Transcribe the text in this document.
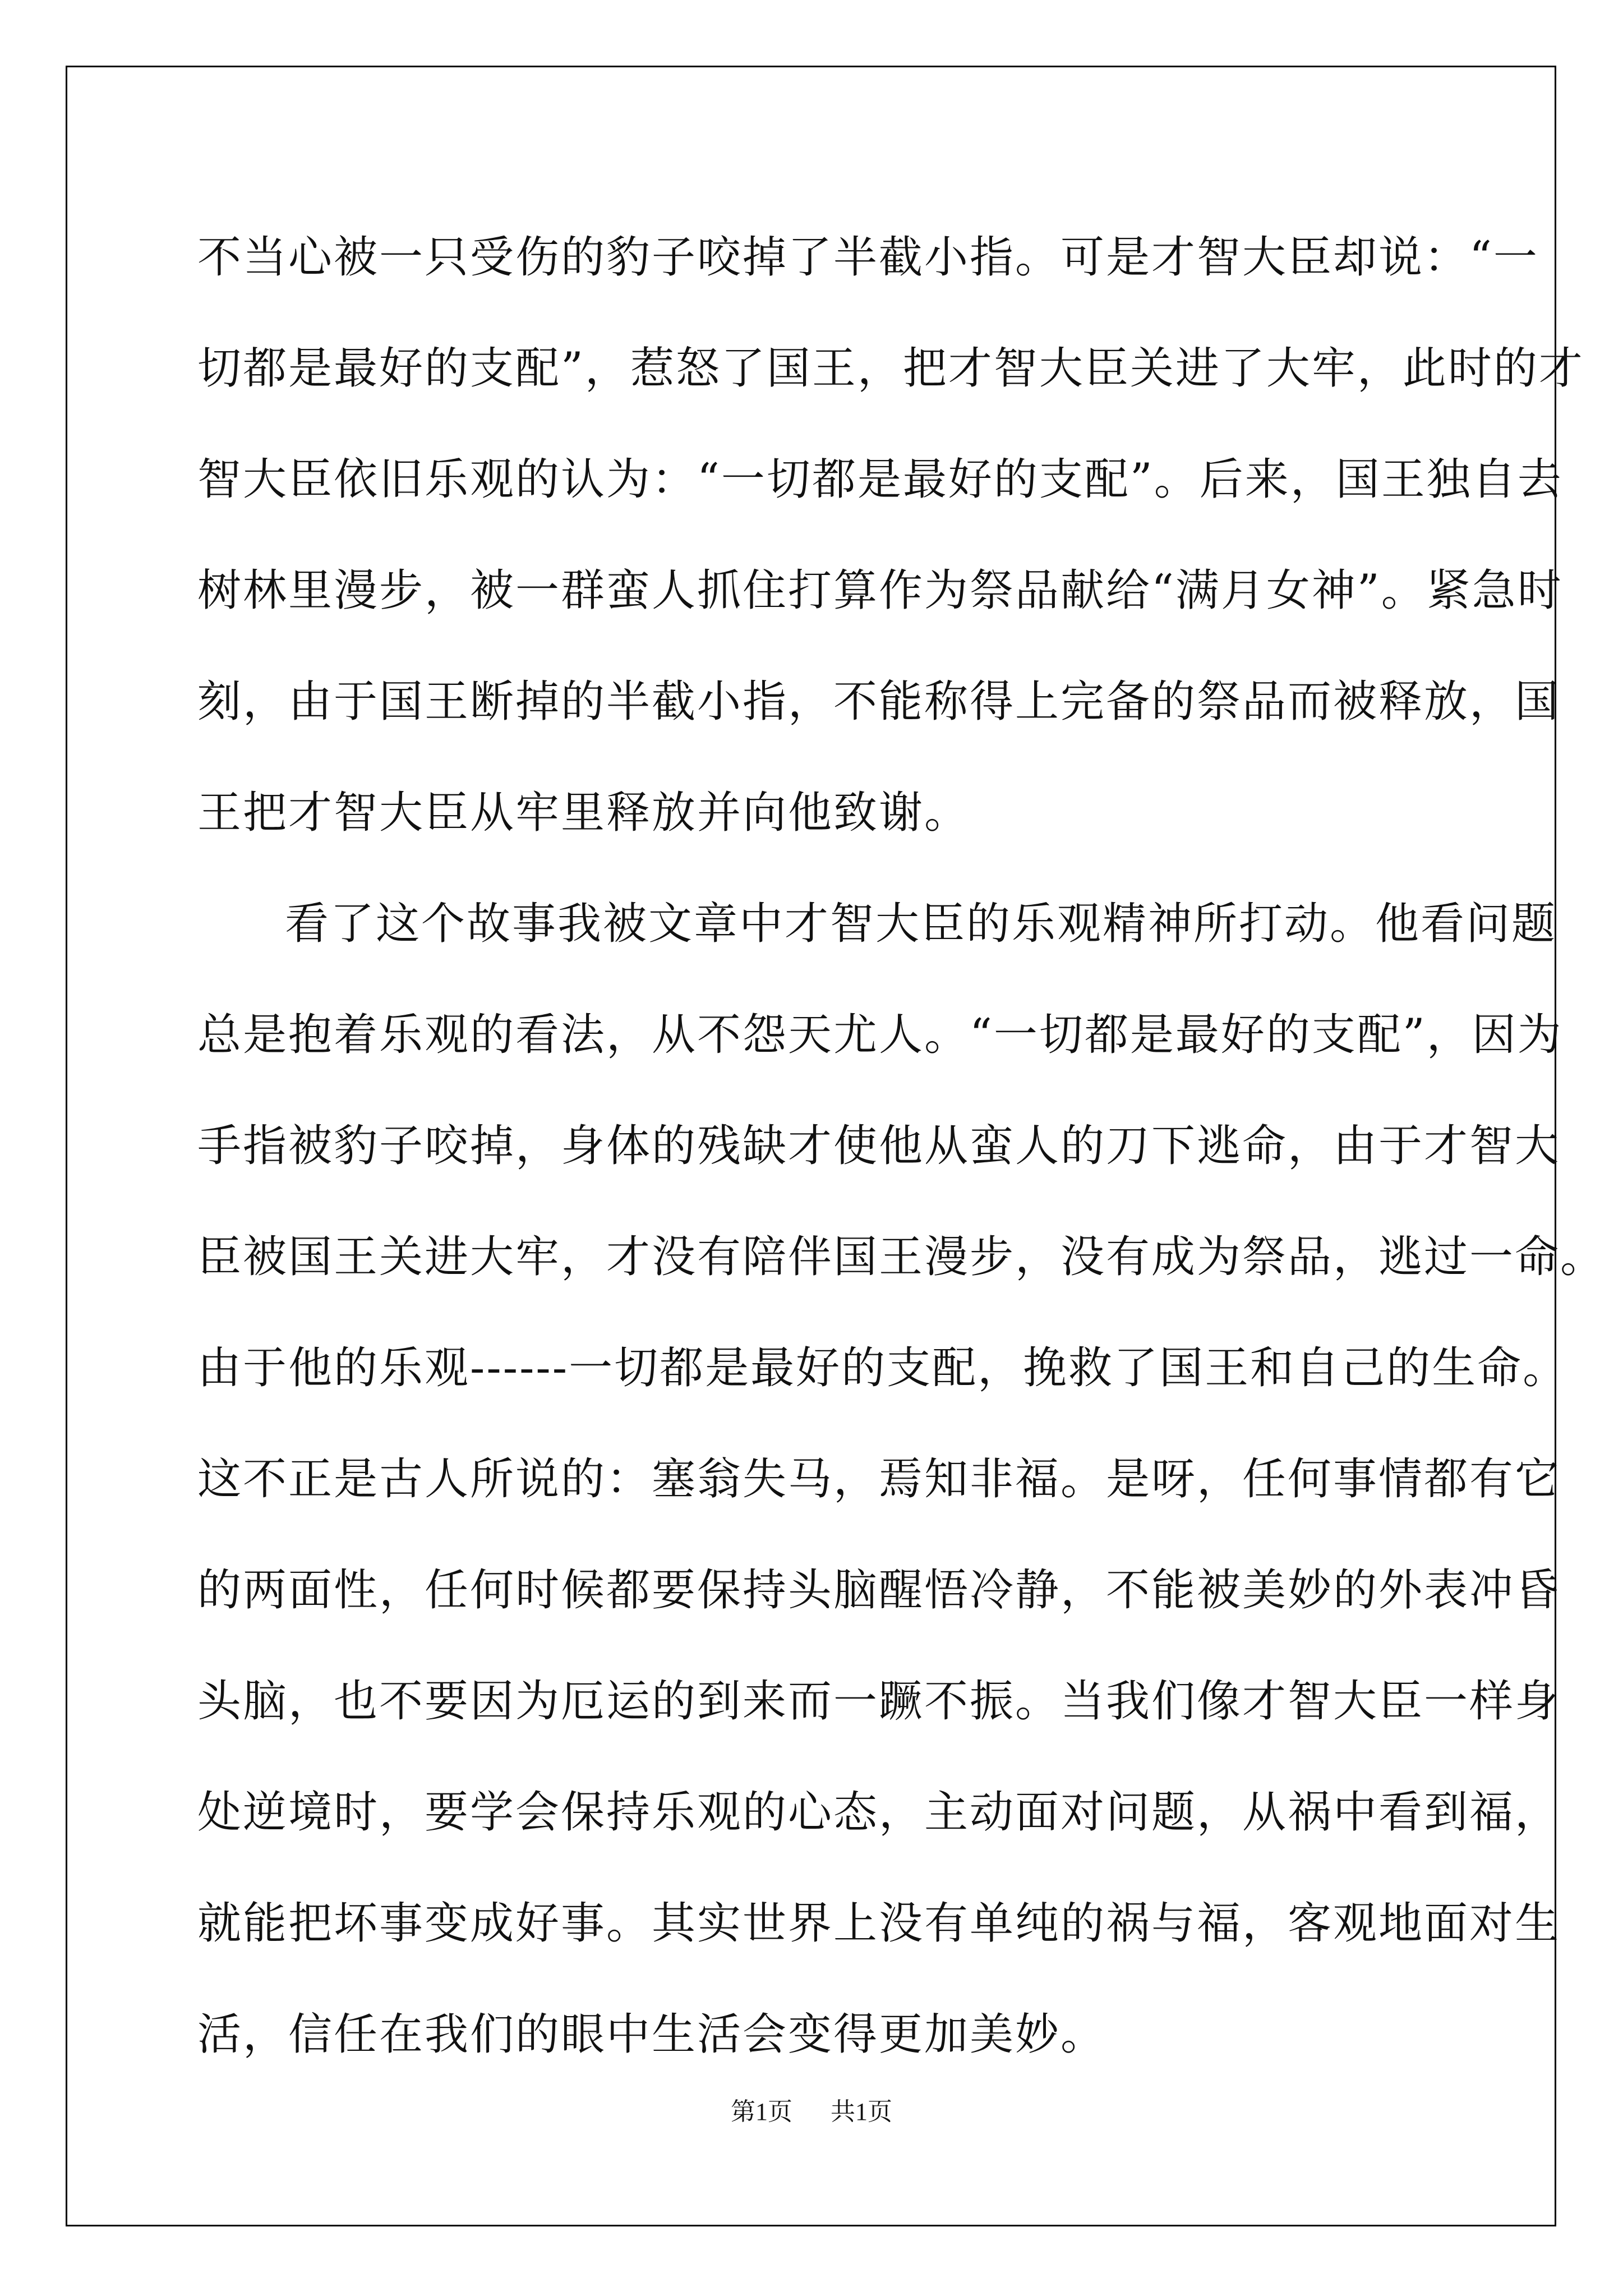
不当心被一只受伤的豹子咬掉了半截小指。可是才智大臣却说：“一
切都是最好的支配”，惹怒了国王，把才智大臣关进了大牢，此时的才
智大臣依旧乐观的认为：“一切都是最好的支配”。后来，国王独自去
树林里漫步，被一群蛮人抓住打算作为祭品献给“满月女神”。紧急时
刻，由于国王断掉的半截小指，不能称得上完备的祭品而被释放，国
王把才智大臣从牢里释放并向他致谢。
看了这个故事我被文章中才智大臣的乐观精神所打动。他看问题
总是抱着乐观的看法，从不怨天尤人。“一切都是最好的支配”，因为
手指被豹子咬掉，身体的残缺才使他从蛮人的刀下逃命，由于才智大
臣被国王关进大牢，才没有陪伴国王漫步，没有成为祭品，逃过一命。
由于他的乐观------一切都是最好的支配，挽救了国王和自己的生命。
这不正是古人所说的：塞翁失马，焉知非福。是呀，任何事情都有它
的两面性，任何时候都要保持头脑醒悟冷静，不能被美妙的外表冲昏
头脑，也不要因为厄运的到来而一蹶不振。当我们像才智大臣一样身
处逆境时，要学会保持乐观的心态，主动面对问题，从祸中看到福，
就能把坏事变成好事。其实世界上没有单纯的祸与福，客观地面对生
活，信任在我们的眼中生活会变得更加美妙。
第1页 共1页
